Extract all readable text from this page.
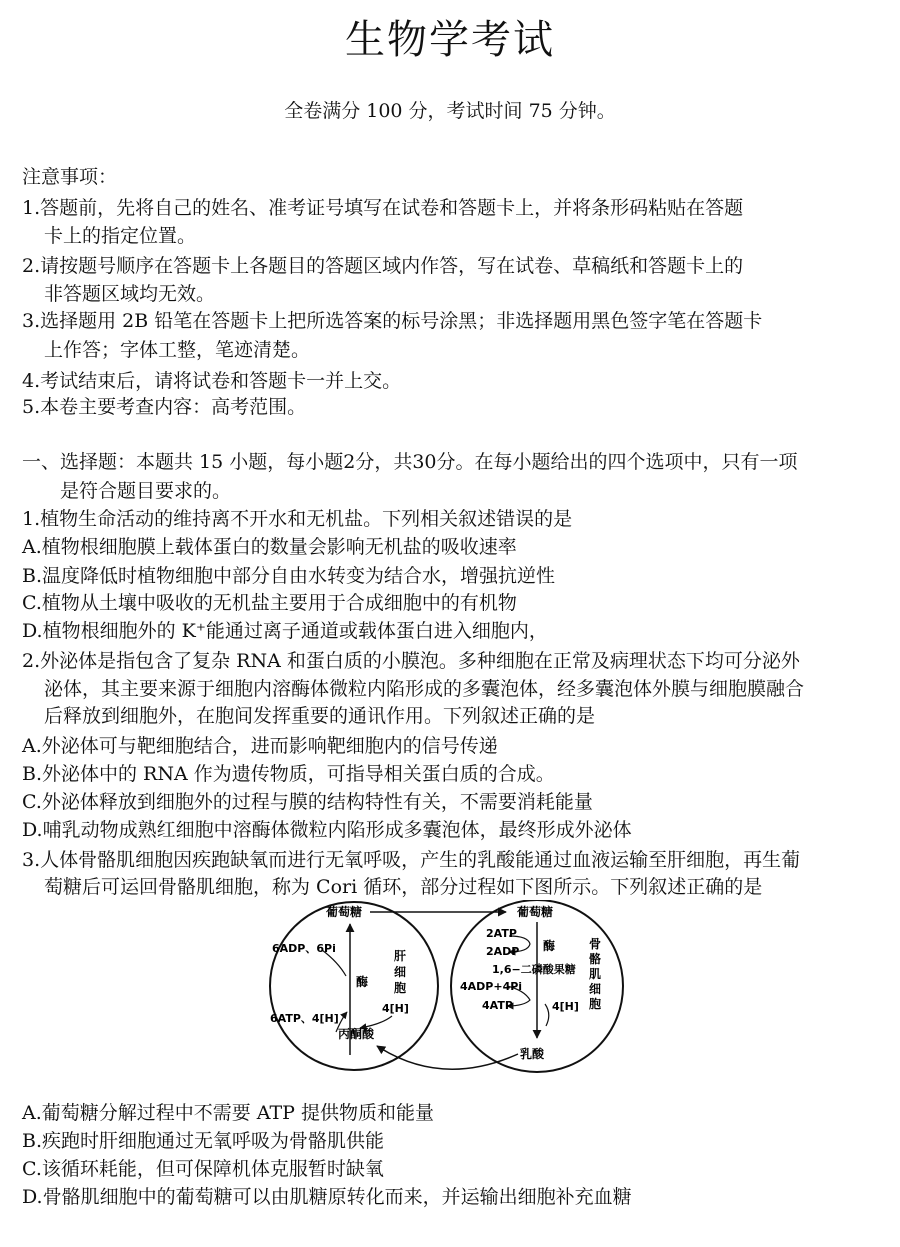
生物学考试
全卷满分 100 分，考试时间 75 分钟。
注意事项：
1.答题前，先将自己的姓名、准考证号填写在试卷和答题卡上，并将条形码粘贴在答题
卡上的指定位置。
2.请按题号顺序在答题卡上各题目的答题区域内作答，写在试卷、草稿纸和答题卡上的
非答题区域均无效。
3.选择题用 2B 铅笔在答题卡上把所选答案的标号涂黑；非选择题用黑色签字笔在答题卡
上作答；字体工整，笔迹清楚。
4.考试结束后，请将试卷和答题卡一并上交。
5.本卷主要考查内容：高考范围。
一、选择题：本题共 15 小题，每小题2分，共30分。在每小题给出的四个选项中，只有一项
是符合题目要求的。
1.植物生命活动的维持离不开水和无机盐。下列相关叙述错误的是
A.植物根细胞膜上载体蛋白的数量会影响无机盐的吸收速率
B.温度降低时植物细胞中部分自由水转变为结合水，增强抗逆性
C.植物从土壤中吸收的无机盐主要用于合成细胞中的有机物
D.植物根细胞外的 K⁺能通过离子通道或载体蛋白进入细胞内，
2.外泌体是指包含了复杂 RNA 和蛋白质的小膜泡。多种细胞在正常及病理状态下均可分泌外
泌体，其主要来源于细胞内溶酶体微粒内陷形成的多囊泡体，经多囊泡体外膜与细胞膜融合
后释放到细胞外，在胞间发挥重要的通讯作用。下列叙述正确的是
A.外泌体可与靶细胞结合，进而影响靶细胞内的信号传递
B.外泌体中的 RNA 作为遗传物质，可指导相关蛋白质的合成。
C.外泌体释放到细胞外的过程与膜的结构特性有关，不需要消耗能量
D.哺乳动物成熟红细胞中溶酶体微粒内陷形成多囊泡体，最终形成外泌体
3.人体骨骼肌细胞因疾跑缺氧而进行无氧呼吸，产生的乳酸能通过血液运输至肝细胞，再生葡
萄糖后可运回骨骼肌细胞，称为 Cori 循环，部分过程如下图所示。下列叙述正确的是
葡萄糖
6ADP、6Pi
6ATP、4[H]
酶
肝 细 胞
4[H]
丙酮酸
葡萄糖
2ATP
2ADP 酶
1,6−二磷酸果糖
4ADP+4Pi
4ATP	4[H]
骨 骼 肌 细 胞
乳酸
A.葡萄糖分解过程中不需要 ATP 提供物质和能量
B.疾跑时肝细胞通过无氧呼吸为骨骼肌供能
C.该循环耗能，但可保障机体克服暂时缺氧
D.骨骼肌细胞中的葡萄糖可以由肌糖原转化而来，并运输出细胞补充血糖
